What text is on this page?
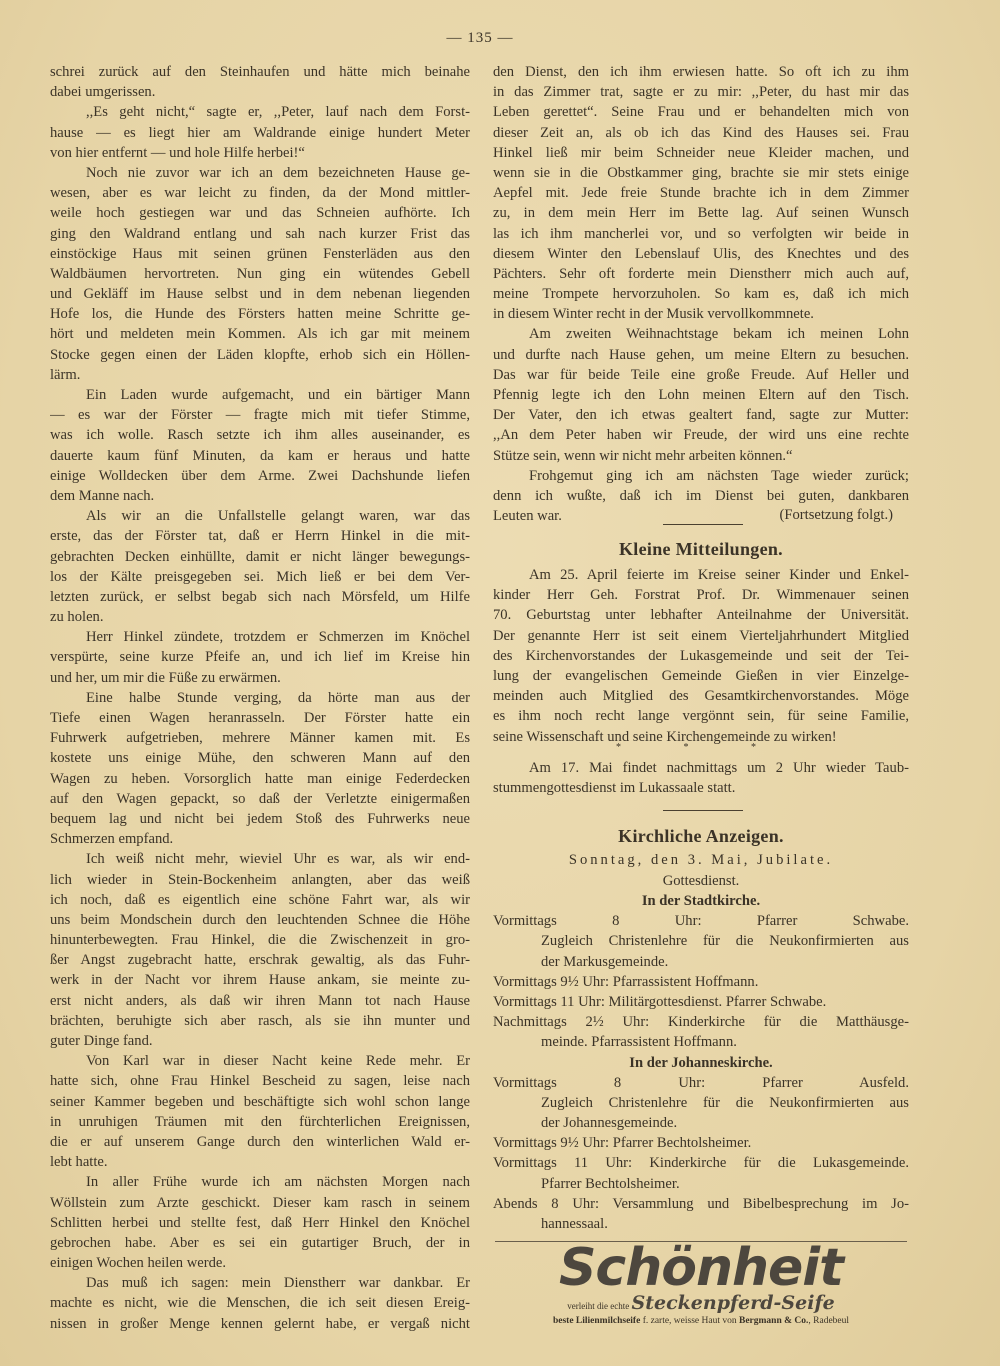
— 135 —
schrei zurück auf den Steinhaufen und hätte mich beinahe
dabei umgerissen.
,,Es geht nicht,“ sagte er, ,,Peter, lauf nach dem Forst-
hause — es liegt hier am Waldrande einige hundert Meter
von hier entfernt — und hole Hilfe herbei!“
Noch nie zuvor war ich an dem bezeichneten Hause ge-
wesen, aber es war leicht zu finden, da der Mond mittler-
weile hoch gestiegen war und das Schneien aufhörte. Ich
ging den Waldrand entlang und sah nach kurzer Frist das
einstöckige Haus mit seinen grünen Fensterläden aus den
Waldbäumen hervortreten. Nun ging ein wütendes Gebell
und Gekläff im Hause selbst und in dem nebenan liegenden
Hofe los, die Hunde des Försters hatten meine Schritte ge-
hört und meldeten mein Kommen. Als ich gar mit meinem
Stocke gegen einen der Läden klopfte, erhob sich ein Höllen-
lärm.
Ein Laden wurde aufgemacht, und ein bärtiger Mann
— es war der Förster — fragte mich mit tiefer Stimme,
was ich wolle. Rasch setzte ich ihm alles auseinander, es
dauerte kaum fünf Minuten, da kam er heraus und hatte
einige Wolldecken über dem Arme. Zwei Dachshunde liefen
dem Manne nach.
Als wir an die Unfallstelle gelangt waren, war das
erste, das der Förster tat, daß er Herrn Hinkel in die mit-
gebrachten Decken einhüllte, damit er nicht länger bewegungs-
los der Kälte preisgegeben sei. Mich ließ er bei dem Ver-
letzten zurück, er selbst begab sich nach Mörsfeld, um Hilfe
zu holen.
Herr Hinkel zündete, trotzdem er Schmerzen im Knöchel
verspürte, seine kurze Pfeife an, und ich lief im Kreise hin
und her, um mir die Füße zu erwärmen.
Eine halbe Stunde verging, da hörte man aus der
Tiefe einen Wagen heranrasseln. Der Förster hatte ein
Fuhrwerk aufgetrieben, mehrere Männer kamen mit. Es
kostete uns einige Mühe, den schweren Mann auf den
Wagen zu heben. Vorsorglich hatte man einige Federdecken
auf den Wagen gepackt, so daß der Verletzte einigermaßen
bequem lag und nicht bei jedem Stoß des Fuhrwerks neue
Schmerzen empfand.
Ich weiß nicht mehr, wieviel Uhr es war, als wir end-
lich wieder in Stein-Bockenheim anlangten, aber das weiß
ich noch, daß es eigentlich eine schöne Fahrt war, als wir
uns beim Mondschein durch den leuchtenden Schnee die Höhe
hinunterbewegten. Frau Hinkel, die die Zwischenzeit in gro-
ßer Angst zugebracht hatte, erschrak gewaltig, als das Fuhr-
werk in der Nacht vor ihrem Hause ankam, sie meinte zu-
erst nicht anders, als daß wir ihren Mann tot nach Hause
brächten, beruhigte sich aber rasch, als sie ihn munter und
guter Dinge fand.
Von Karl war in dieser Nacht keine Rede mehr. Er
hatte sich, ohne Frau Hinkel Bescheid zu sagen, leise nach
seiner Kammer begeben und beschäftigte sich wohl schon lange
in unruhigen Träumen mit den fürchterlichen Ereignissen,
die er auf unserem Gange durch den winterlichen Wald er-
lebt hatte.
In aller Frühe wurde ich am nächsten Morgen nach
Wöllstein zum Arzte geschickt. Dieser kam rasch in seinem
Schlitten herbei und stellte fest, daß Herr Hinkel den Knöchel
gebrochen habe. Aber es sei ein gutartiger Bruch, der in
einigen Wochen heilen werde.
Das muß ich sagen: mein Dienstherr war dankbar. Er
machte es nicht, wie die Menschen, die ich seit diesen Ereig-
nissen in großer Menge kennen gelernt habe, er vergaß nicht
den Dienst, den ich ihm erwiesen hatte. So oft ich zu ihm
in das Zimmer trat, sagte er zu mir: ,,Peter, du hast mir das
Leben gerettet“. Seine Frau und er behandelten mich von
dieser Zeit an, als ob ich das Kind des Hauses sei. Frau
Hinkel ließ mir beim Schneider neue Kleider machen, und
wenn sie in die Obstkammer ging, brachte sie mir stets einige
Aepfel mit. Jede freie Stunde brachte ich in dem Zimmer
zu, in dem mein Herr im Bette lag. Auf seinen Wunsch
las ich ihm mancherlei vor, und so verfolgten wir beide in
diesem Winter den Lebenslauf Ulis, des Knechtes und des
Pächters. Sehr oft forderte mein Dienstherr mich auch auf,
meine Trompete hervorzuholen. So kam es, daß ich mich
in diesem Winter recht in der Musik vervollkommnete.
Am zweiten Weihnachtstage bekam ich meinen Lohn
und durfte nach Hause gehen, um meine Eltern zu besuchen.
Das war für beide Teile eine große Freude. Auf Heller und
Pfennig legte ich den Lohn meinen Eltern auf den Tisch.
Der Vater, den ich etwas gealtert fand, sagte zur Mutter:
,,An dem Peter haben wir Freude, der wird uns eine rechte
Stütze sein, wenn wir nicht mehr arbeiten können.“
Frohgemut ging ich am nächsten Tage wieder zurück;
denn ich wußte, daß ich im Dienst bei guten, dankbaren
Leuten war.	(Fortsetzung folgt.)
Kleine Mitteilungen.
Am 25. April feierte im Kreise seiner Kinder und Enkel-
kinder Herr Geh. Forstrat Prof. Dr. Wimmenauer seinen
70. Geburtstag unter lebhafter Anteilnahme der Universität.
Der genannte Herr ist seit einem Vierteljahrhundert Mitglied
des Kirchenvorstandes der Lukasgemeinde und seit der Tei-
lung der evangelischen Gemeinde Gießen in vier Einzelge-
meinden auch Mitglied des Gesamtkirchenvorstandes. Möge
es ihm noch recht lange vergönnt sein, für seine Familie,
seine Wissenschaft und seine Kirchengemeinde zu wirken!
* * *
Am 17. Mai findet nachmittags um 2 Uhr wieder Taub-
stummengottesdienst im Lukassaale statt.
Kirchliche Anzeigen.
Sonntag, den 3. Mai, Jubilate.
Gottesdienst.
In der Stadtkirche.
Vormittags 8 Uhr: Pfarrer Schwabe.
Zugleich Christenlehre für die Neukonfirmierten aus
der Markusgemeinde.
Vormittags 9½ Uhr: Pfarrassistent Hoffmann.
Vormittags 11 Uhr: Militärgottesdienst. Pfarrer Schwabe.
Nachmittags 2½ Uhr: Kinderkirche für die Matthäusge-
meinde. Pfarrassistent Hoffmann.
In der Johanneskirche.
Vormittags 8 Uhr: Pfarrer Ausfeld.
Zugleich Christenlehre für die Neukonfirmierten aus
der Johannesgemeinde.
Vormittags 9½ Uhr: Pfarrer Bechtolsheimer.
Vormittags 11 Uhr: Kinderkirche für die Lukasgemeinde.
Pfarrer Bechtolsheimer.
Abends 8 Uhr: Versammlung und Bibelbesprechung im Jo-
hannessaal.
Schönheit
verleiht die echte Steckenpferd-Seife
beste Lilienmilchseife f. zarte, weisse Haut von Bergmann & Co., Radebeul
